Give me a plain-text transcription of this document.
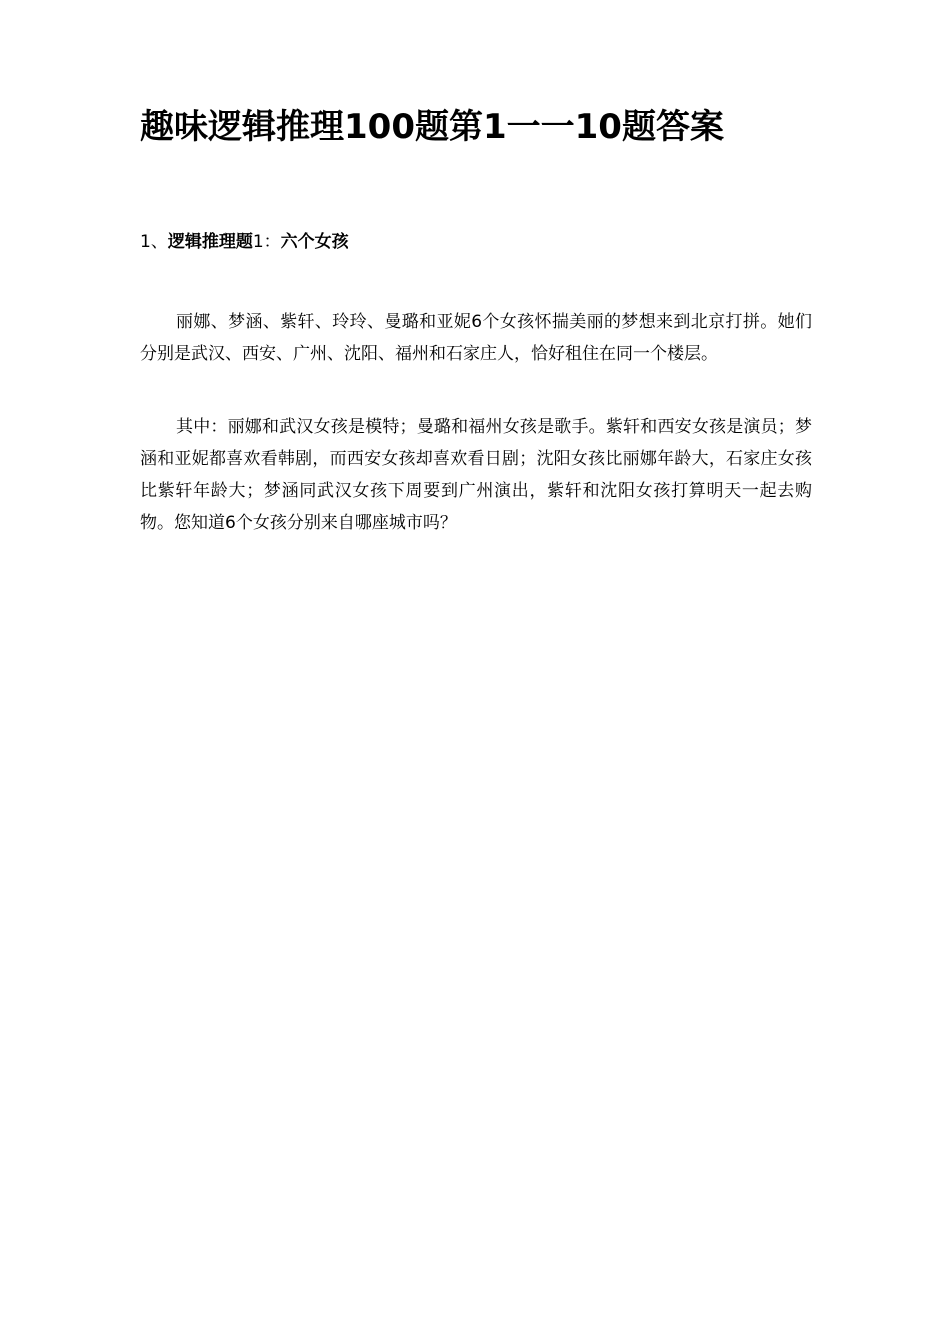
趣味逻辑推理100题第1一一10题答案
1、逻辑推理题1：六个女孩

丽娜、梦涵、紫轩、玲玲、曼璐和亚妮6个女孩怀揣美丽的梦想来到北京打拼。她们分别是武汉、西安、广州、沈阳、福州和石家庄人，恰好租住在同一个楼层。

其中：丽娜和武汉女孩是模特；曼璐和福州女孩是歌手。紫轩和西安女孩是演员；梦涵和亚妮都喜欢看韩剧，而西安女孩却喜欢看日剧；沈阳女孩比丽娜年龄大，石家庄女孩比紫轩年龄大；梦涵同武汉女孩下周要到广州演出，紫轩和沈阳女孩打算明天一起去购物。您知道6个女孩分别来自哪座城市吗？
